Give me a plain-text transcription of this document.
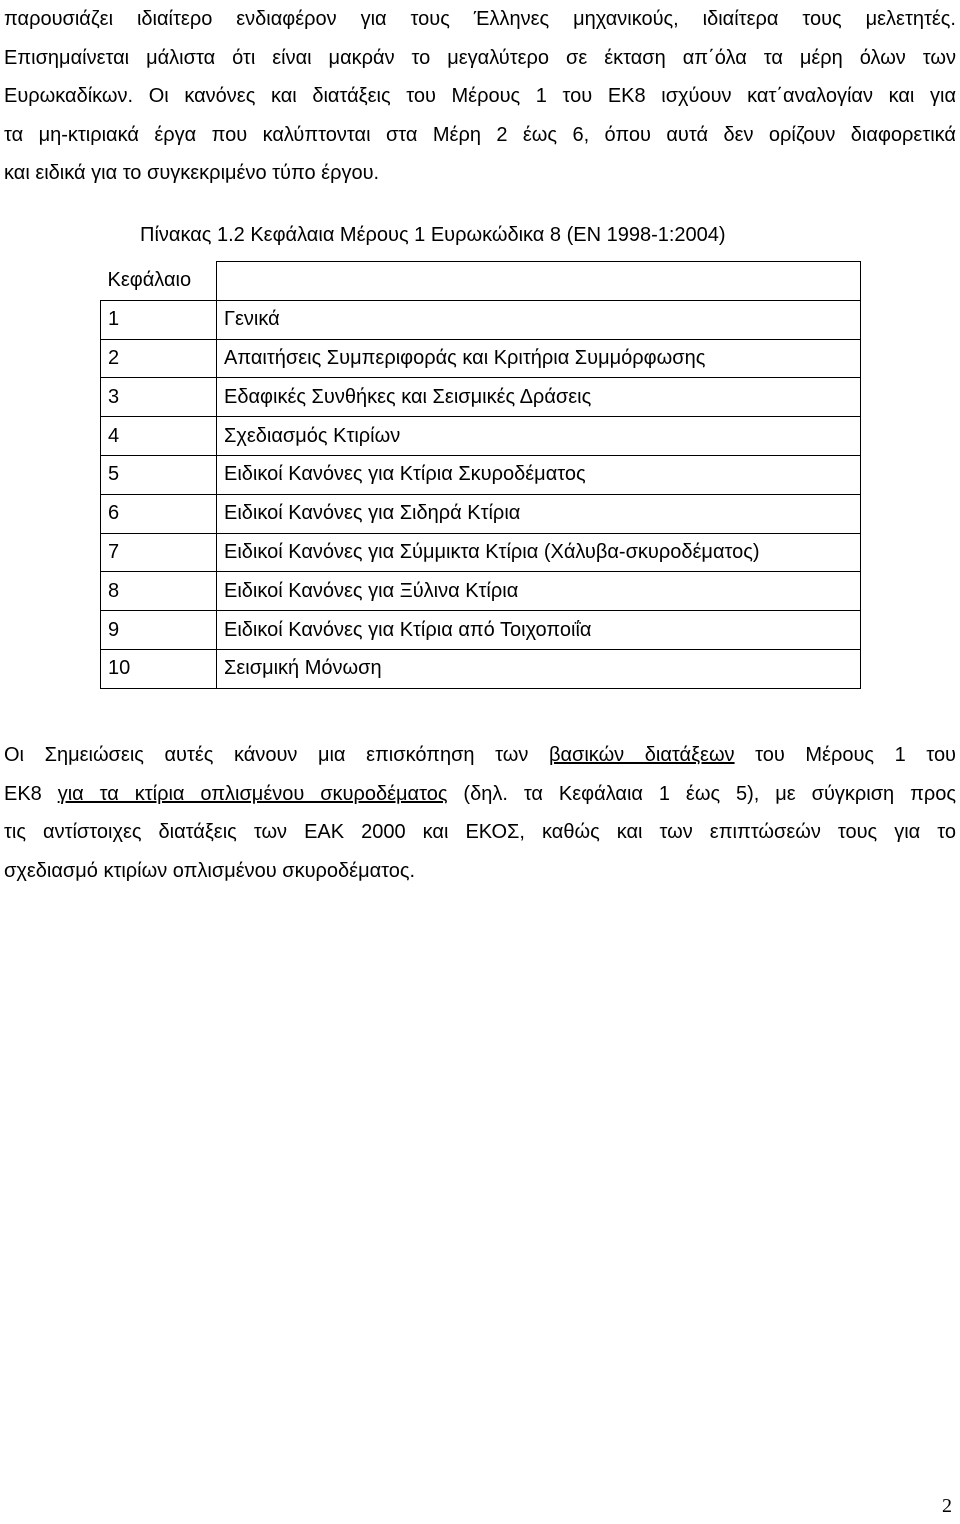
παρουσιάζει ιδιαίτερο ενδιαφέρον για τους Έλληνες μηχανικούς, ιδιαίτερα τους μελετητές.
Επισημαίνεται μάλιστα ότι είναι μακράν το μεγαλύτερο σε έκταση απ΄όλα τα μέρη όλων των
Ευρωκαδίκων. Οι κανόνες και διατάξεις του Μέρους 1 του ΕΚ8 ισχύουν κατ΄αναλογίαν και για
τα μη-κτιριακά έργα που καλύπτονται στα Μέρη 2 έως 6, όπου αυτά δεν ορίζουν διαφορετικά
και ειδικά για το συγκεκριμένο τύπο έργου.
Πίνακας 1.2 Κεφάλαια Μέρους 1 Ευρωκώδικα 8 (EN 1998-1:2004)
Κεφάλαιο	
1	Γενικά
2	Απαιτήσεις Συμπεριφοράς και Κριτήρια Συμμόρφωσης
3	Εδαφικές Συνθήκες και Σεισμικές Δράσεις
4	Σχεδιασμός Κτιρίων
5	Ειδικοί Κανόνες για Κτίρια Σκυροδέματος
6	Ειδικοί Κανόνες για Σιδηρά Κτίρια
7	Ειδικοί Κανόνες για Σύμμικτα Κτίρια (Χάλυβα-σκυροδέματος)
8	Ειδικοί Κανόνες για Ξύλινα Κτίρια
9	Ειδικοί Κανόνες για Κτίρια από Τοιχοποιΐα
10	Σεισμική Μόνωση
Οι Σημειώσεις αυτές κάνουν μια επισκόπηση των βασικών διατάξεων του Μέρους 1 του
ΕΚ8 για τα κτίρια οπλισμένου σκυροδέματος (δηλ. τα Κεφάλαια 1 έως 5), με σύγκριση προς
τις αντίστοιχες διατάξεις των ΕΑΚ 2000 και ΕΚΟΣ, καθώς και των επιπτώσεών τους για το
σχεδιασμό κτιρίων οπλισμένου σκυροδέματος.
2
